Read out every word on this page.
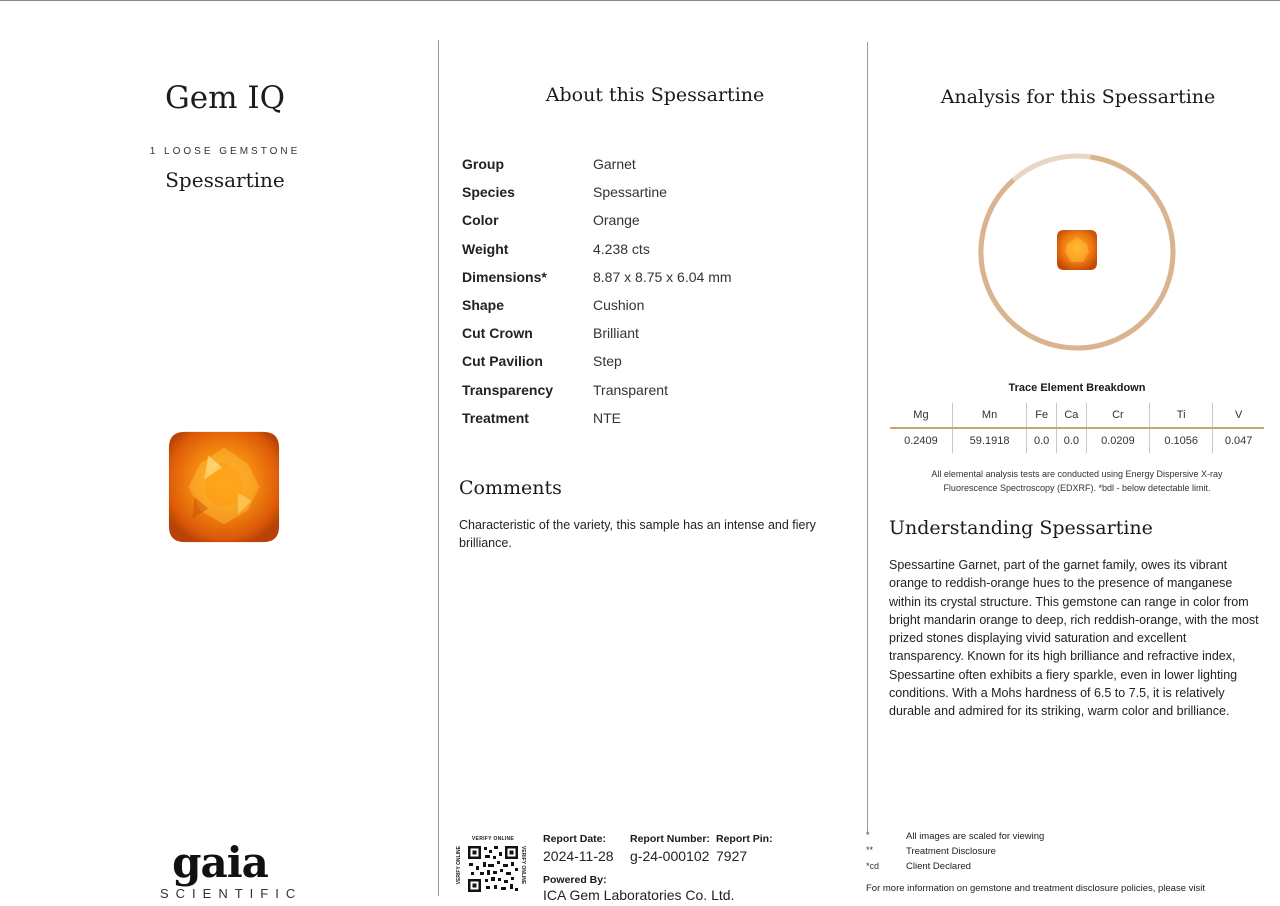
Gem IQ
1 LOOSE GEMSTONE
Spessartine
gaia
SCIENTIFIC
About this Spessartine
Group	Garnet
Species	Spessartine
Color	Orange
Weight	4.238 cts
Dimensions*	8.87 x 8.75 x 6.04 mm
Shape	Cushion
Cut Crown	Brilliant
Cut Pavilion	Step
Transparency	Transparent
Treatment	NTE
Comments
Characteristic of the variety, this sample has an intense and fiery brilliance.
VERIFY ONLINE
VERIFY ONLINE	VERIFY ONLINE
Report Date: Report Number: Report Pin:
2024-11-28 g-24-000102 7927
Powered By:
ICA Gem Laboratories Co. Ltd.
Analysis for this Spessartine
Trace Element Breakdown
Mg	Mn	Fe	Ca	Cr	Ti	V
0.2409	59.1918	0.0	0.0	0.0209	0.1056	0.047
All elemental analysis tests are conducted using Energy Dispersive X-ray
Fluorescence Spectroscopy (EDXRF). *bdl - below detectable limit.
Understanding Spessartine
Spessartine Garnet, part of the garnet family, owes its vibrant orange to reddish-orange hues to the presence of manganese within its crystal structure. This gemstone can range in color from bright mandarin orange to deep, rich reddish-orange, with the most prized stones displaying vivid saturation and excellent transparency. Known for its high brilliance and refractive index, Spessartine often exhibits a fiery sparkle, even in lower lighting conditions. With a Mohs hardness of 6.5 to 7.5, it is relatively durable and admired for its striking, warm color and brilliance.
*	All images are scaled for viewing
**	Treatment Disclosure
*cd	Client Declared
For more information on gemstone and treatment disclosure policies, please visit
